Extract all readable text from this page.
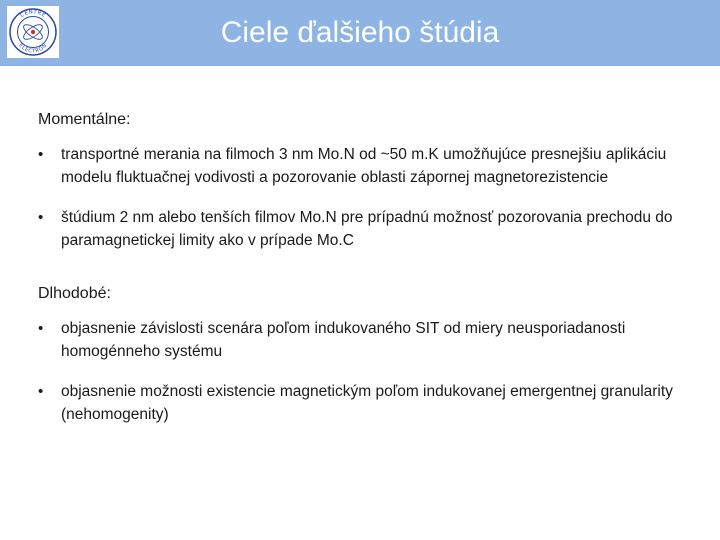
CENTRE
ELECTRON	Ciele ďalšieho štúdia
Momentálne:
• transportné merania na filmoch 3 nm Mo.N od ~50 m.K umožňujúce presnejšiu aplikáciu modelu fluktuačnej vodivosti a pozorovanie oblasti zápornej magnetorezistencie
• štúdium 2 nm alebo tenších filmov Mo.N pre prípadnú možnosť pozorovania prechodu do paramagnetickej limity ako v prípade Mo.C
Dlhodobé:
• objasnenie závislosti scenára poľom indukovaného SIT od miery neusporiadanosti homogénneho systému
• objasnenie možnosti existencie magnetickým poľom indukovanej emergentnej granularity (nehomogenity)
